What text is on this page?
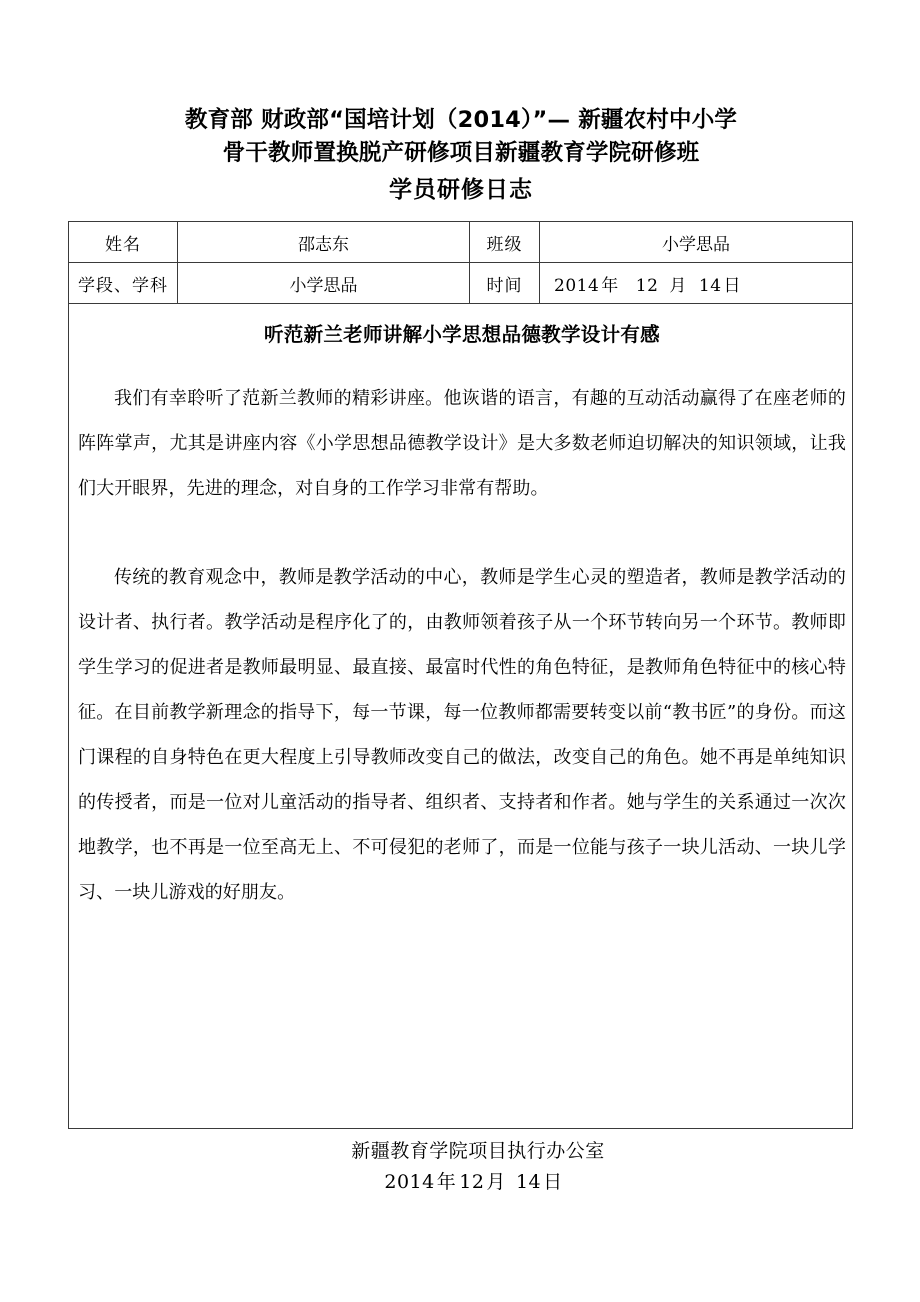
教育部 财政部“国培计划（2014）”— 新疆农村中小学
骨干教师置换脱产研修项目新疆教育学院研修班
学员研修日志
姓名	邵志东	班级	小学思品
学段、学科	小学思品	时间	2014 年 12 月 14 日

听范新兰老师讲解小学思想品德教学设计有感

我们有幸聆听了范新兰教师的精彩讲座。他诙谐的语言，有趣的互动活动赢得了在座老师的阵阵掌声，尤其是讲座内容《小学思想品德教学设计》是大多数老师迫切解决的知识领域，让我们大开眼界，先进的理念，对自身的工作学习非常有帮助。

传统的教育观念中，教师是教学活动的中心，教师是学生心灵的塑造者，教师是教学活动的设计者、执行者。教学活动是程序化了的，由教师领着孩子从一个环节转向另一个环节。教师即学生学习的促进者是教师最明显、最直接、最富时代性的角色特征，是教师角色特征中的核心特征。在目前教学新理念的指导下，每一节课，每一位教师都需要转变以前“教书匠”的身份。而这门课程的自身特色在更大程度上引导教师改变自己的做法，改变自己的角色。她不再是单纯知识的传授者，而是一位对儿童活动的指导者、组织者、支持者和作者。她与学生的关系通过一次次地教学，也不再是一位至高无上、不可侵犯的老师了，而是一位能与孩子一块儿活动、一块儿学习、一块儿游戏的好朋友。			

新疆教育学院项目执行办公室
2014 年 12 月 14 日
